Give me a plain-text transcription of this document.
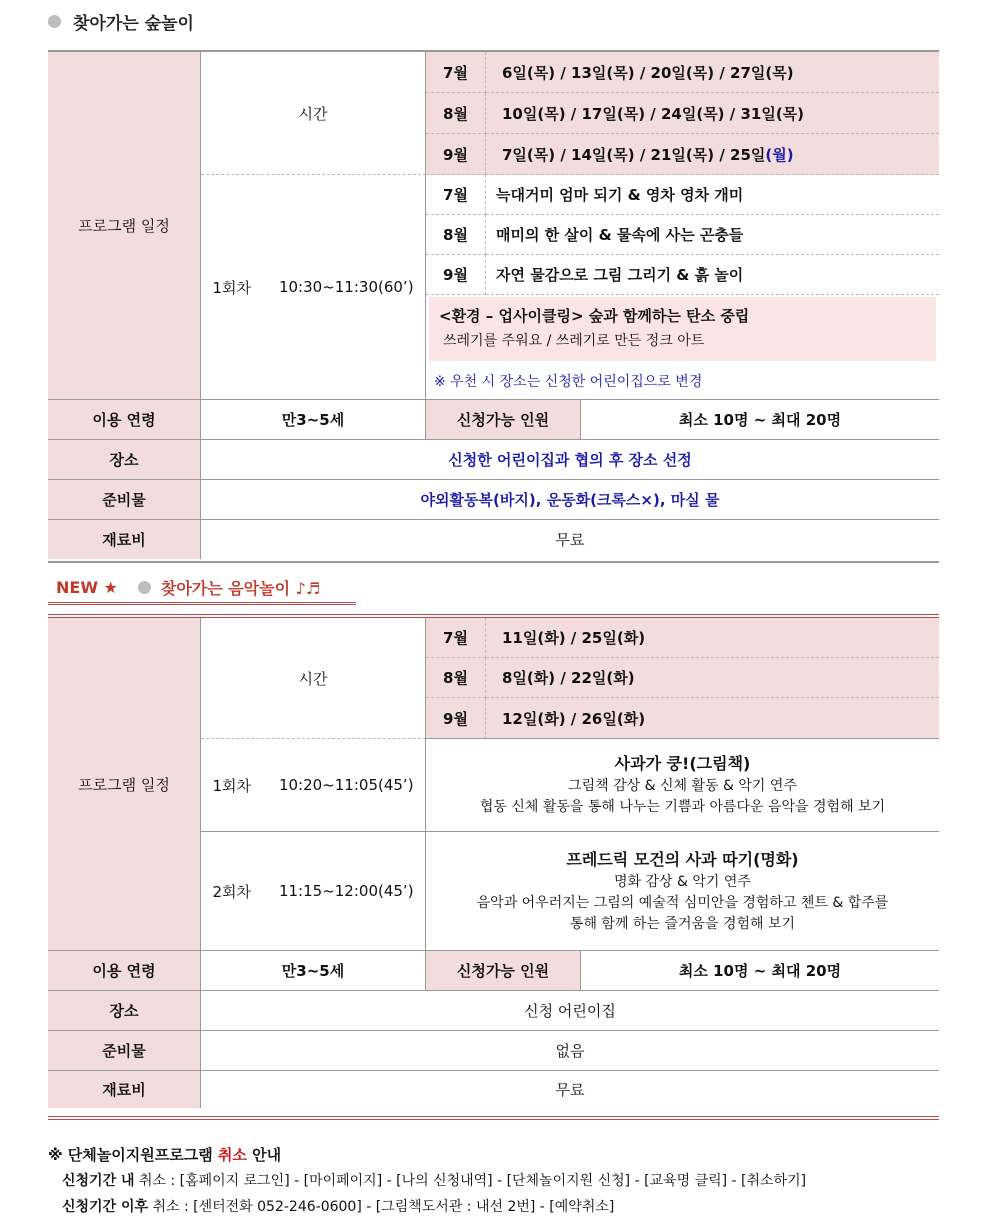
찾아가는 숲놀이
프로그램 일정
시간
7월	6일(목) / 13일(목) / 20일(목) / 27일(목)
8월	10일(목) / 17일(목) / 24일(목) / 31일(목)
9월	7일(목) / 14일(목) / 21일(목) / 25일 (월)
1회차 10:30~11:30(60’)
7월	늑대거미 엄마 되기 & 영차 영차 개미
8월	매미의 한 살이 & 물속에 사는 곤충들
9월	자연 물감으로 그림 그리기 & 흙 놀이
<환경 – 업사이클링> 숲과 함께하는 탄소 중립
쓰레기를 주워요 / 쓰레기로 만든 정크 아트
※ 우천 시 장소는 신청한 어린이집으로 변경
이용 연령	만3~5세	신청가능 인원	최소 10명 ~ 최대 20명
장소	신청한 어린이집과 협의 후 장소 선정
준비물	야외활동복(바지), 운동화(크록스×), 마실 물
재료비	무료
NEW ★	찾아가는 음악놀이 ♪♬
프로그램 일정
시간
7월	11일(화) / 25일(화)
8월	8일(화) / 22일(화)
9월	12일(화) / 26일(화)
1회차 10:20~11:05(45’)
사과가 쿵!(그림책)
그림책 감상 & 신체 활동 & 악기 연주
협동 신체 활동을 통해 나누는 기쁨과 아름다운 음악을 경험해 보기
2회차 11:15~12:00(45’)
프레드릭 모건의 사과 따기(명화)
명화 감상 & 악기 연주
음악과 어우러지는 그림의 예술적 심미안을 경험하고 첸트 & 합주를
통해 함께 하는 즐거움을 경험해 보기
이용 연령	만3~5세	신청가능 인원	최소 10명 ~ 최대 20명
장소	신청 어린이집
준비물	없음
재료비	무료
※ 단체놀이지원프로그램 취소 안내
신청기간 내 취소 : [홈페이지 로그인] - [마이페이지] - [나의 신청내역] - [단체놀이지원 신청] - [교육명 클릭] - [취소하기]
신청기간 이후 취소 : [센터전화 052-246-0600] - [그림책도서관 : 내선 2번] - [예약취소]
